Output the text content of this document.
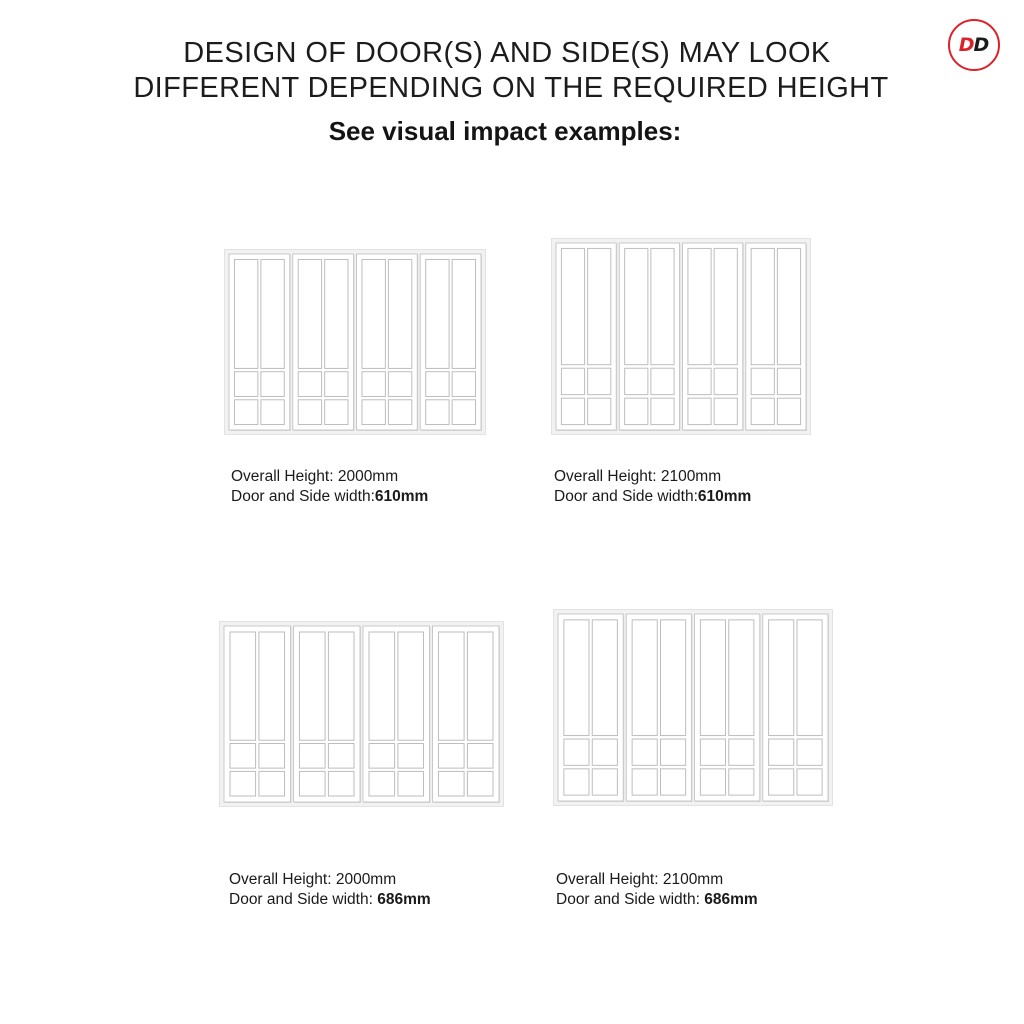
DESIGN OF DOOR(S) AND SIDE(S) MAY LOOK
DIFFERENT DEPENDING ON THE REQUIRED HEIGHT
See visual impact examples:
D D
Overall Height: 2000mm
Door and Side width:610mm
Overall Height: 2100mm
Door and Side width:610mm
Overall Height: 2000mm
Door and Side width: 686mm
Overall Height: 2100mm
Door and Side width: 686mm
